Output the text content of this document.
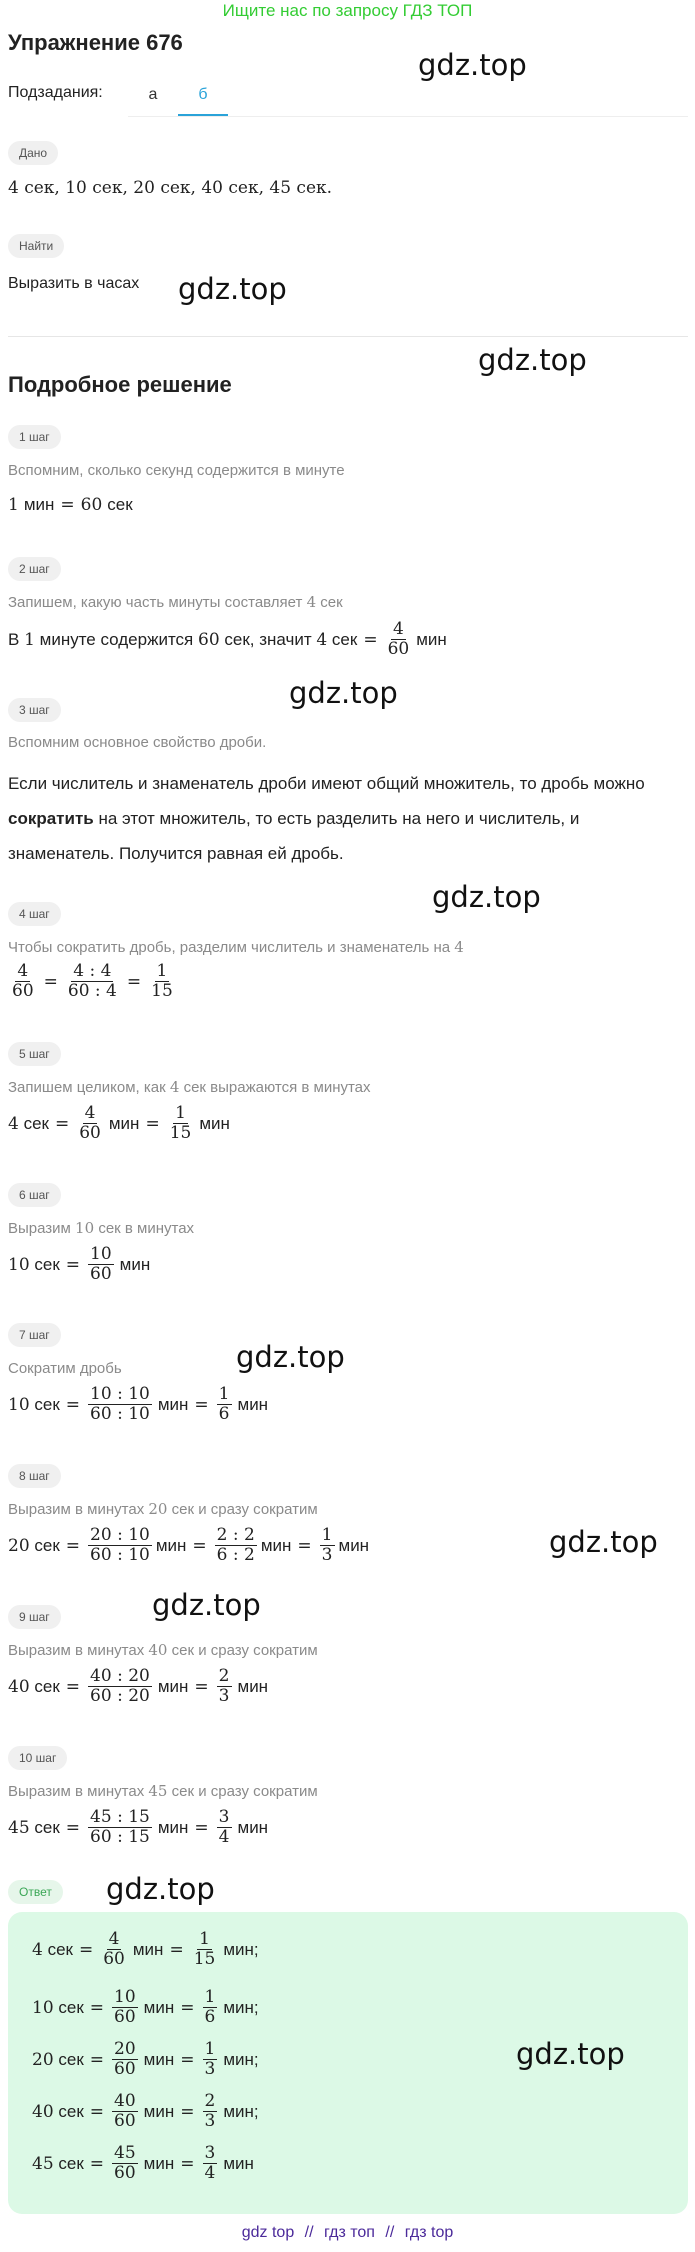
Ищите нас по запросу ГДЗ ТОП
Упражнение 676
Подзадания:	а	б
Дано
4 сек, 10 сек, 20 сек, 40 сек, 45 сек.
Найти
Выразить в часах
Подробное решение
1 шаг
Вспомним, сколько секунд содержится в минуте
1 мин = 60 сек
2 шаг
Запишем, какую часть минуты составляет 4 сек
В
1
минуте содержится
60
сек, значит
4
сек = $\frac{4}{60}$ мин
3 шаг
Вспомним основное свойство дроби.
Если числитель и знаменатель дроби имеют общий множитель, то дробь можно сократить на этот множитель, то есть разделить на него и числитель, и знаменатель. Получится равная ей дробь.
4 шаг
Чтобы сократить дробь, разделим числитель и знаменатель на 4
$\frac{4}{60} = \frac{4 : 4}{60 : 4} = \frac{1}{15}$
5 шаг
Запишем целиком, как 4 сек выражаются в минутах
4
сек = $\frac{4}{60}$ мин = $\frac{1}{15}$ мин
6 шаг
Выразим 10 сек в минутах
10
сек = $\frac{10}{60}$ мин
7 шаг
Сократим дробь
10
сек = $\frac{10 : 10}{60 : 10}$ мин = $\frac{1}{6}$ мин
8 шаг
Выразим в минутах 20 сек и сразу сократим
20
сек = $\frac{20 : 10}{60 : 10}$ мин = $\frac{2 : 2}{6 : 2}$ мин = $\frac{1}{3}$ мин
9 шаг
Выразим в минутах 40 сек и сразу сократим
40
сек = $\frac{40 : 20}{60 : 20}$ мин = $\frac{2}{3}$ мин
10 шаг
Выразим в минутах 45 сек и сразу сократим
45
сек = $\frac{45 : 15}{60 : 15}$ мин = $\frac{3}{4}$ мин
Ответ
4
сек = $\frac{4}{60}$ мин = $\frac{1}{15}$ мин;
10
сек = $\frac{10}{60}$ мин = $\frac{1}{6}$ мин;
20
сек = $\frac{20}{60}$ мин = $\frac{1}{3}$ мин;
40
сек = $\frac{40}{60}$ мин = $\frac{2}{3}$ мин;
45
сек = $\frac{45}{60}$ мин = $\frac{3}{4}$ мин
gdz.top
gdz.top
gdz.top
gdz.top
gdz.top
gdz.top
gdz.top
gdz.top
gdz.top
gdz.top
gdz top // гдз топ // гдз top
